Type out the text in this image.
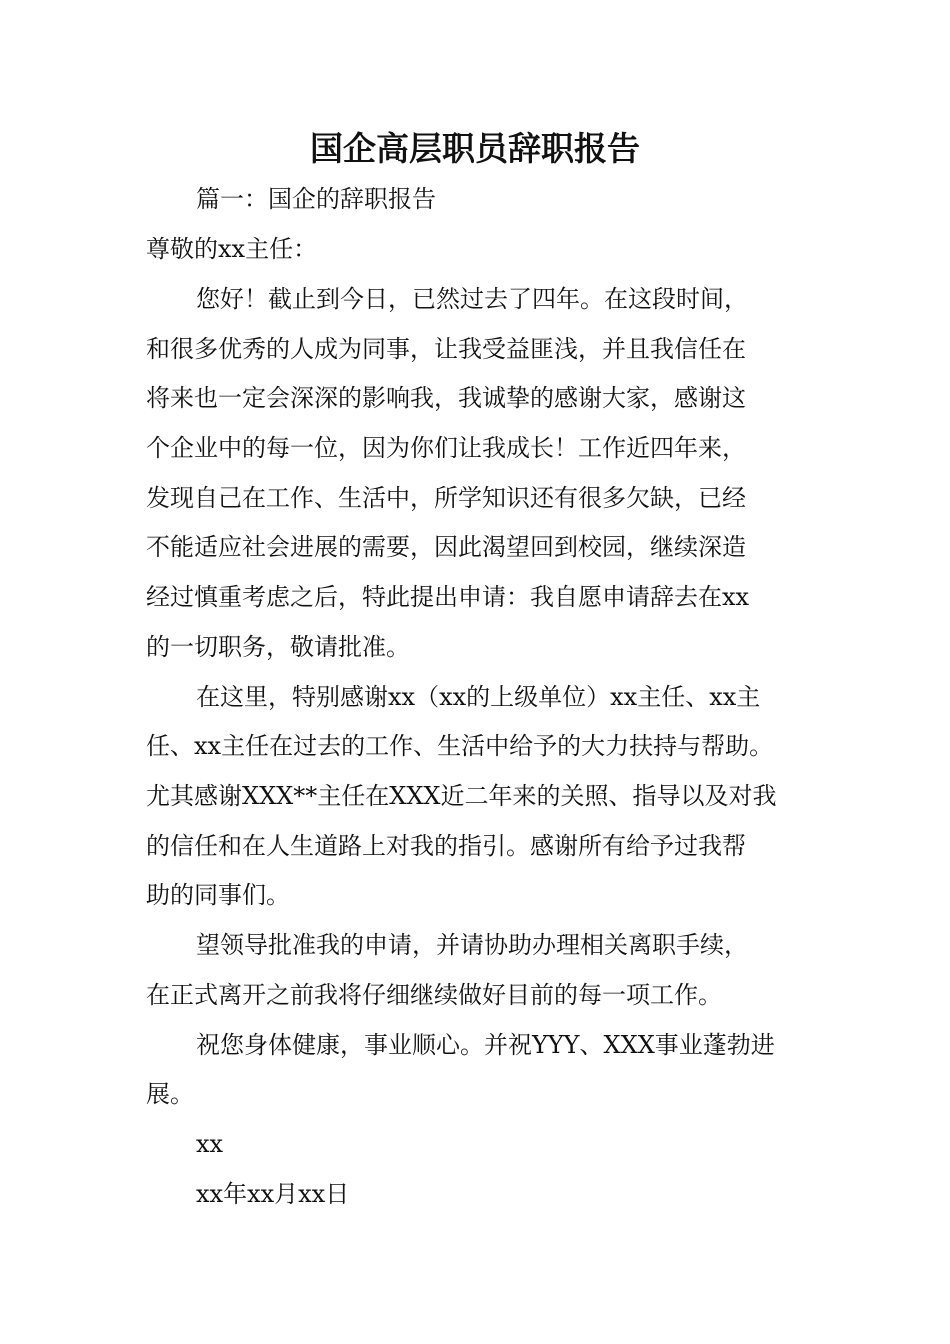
国企高层职员辞职报告

篇一：国企的辞职报告

尊敬的xx主任：

您好！截止到今日，已然过去了四年。在这段时间，

和很多优秀的人成为同事，让我受益匪浅，并且我信任在

将来也一定会深深的影响我，我诚挚的感谢大家，感谢这

个企业中的每一位，因为你们让我成长！工作近四年来，

发现自己在工作、生活中，所学知识还有很多欠缺，已经

不能适应社会进展的需要，因此渴望回到校园，继续深造

经过慎重考虑之后，特此提出申请：我自愿申请辞去在xx

的一切职务，敬请批准。

在这里，特别感谢xx（xx的上级单位）xx主任、xx主

任、xx主任在过去的工作、生活中给予的大力扶持与帮助。

尤其感谢XXX**主任在XXX近二年来的关照、指导以及对我

的信任和在人生道路上对我的指引。感谢所有给予过我帮

助的同事们。

望领导批准我的申请，并请协助办理相关离职手续，

在正式离开之前我将仔细继续做好目前的每一项工作。

祝您身体健康，事业顺心。并祝YYY、XXX事业蓬勃进

展。

xx

xx年xx月xx日
